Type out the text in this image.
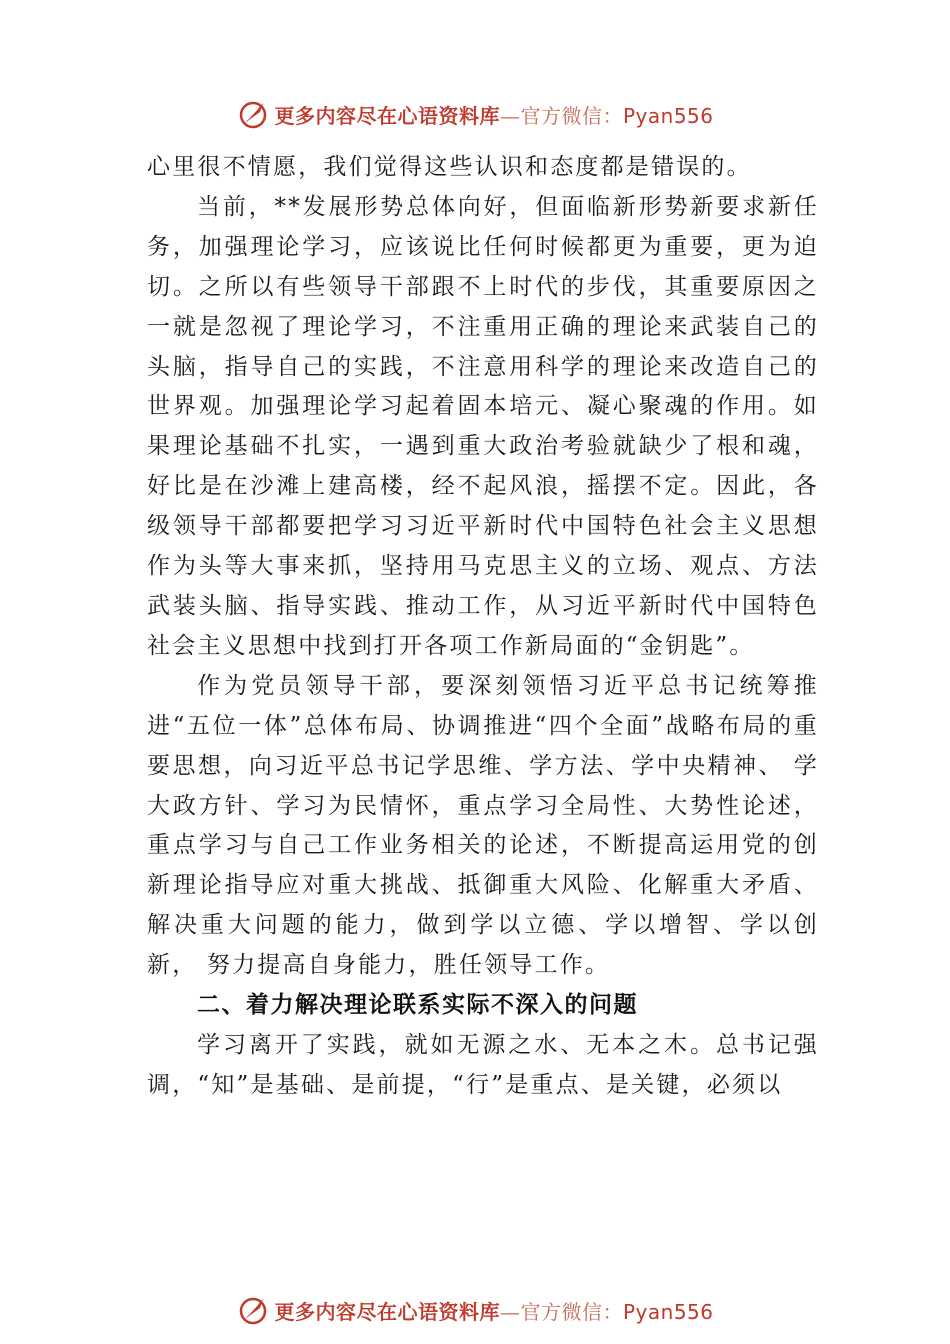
更多内容尽在心语资料库—官方微信：Pyan556

心里很不情愿，我们觉得这些认识和态度都是错误的。

当前，**发展形势总体向好，但面临新形势新要求新任务，加强理论学习，应该说比任何时候都更为重要，更为迫切。之所以有些领导干部跟不上时代的步伐，其重要原因之一就是忽视了理论学习，不注重用正确的理论来武装自己的头脑，指导自己的实践，不注意用科学的理论来改造自己的世界观。加强理论学习起着固本培元、凝心聚魂的作用。如果理论基础不扎实，一遇到重大政治考验就缺少了根和魂， 好比是在沙滩上建高楼，经不起风浪，摇摆不定。因此，各级领导干部都要把学习习近平新时代中国特色社会主义思想作为头等大事来抓，坚持用马克思主义的立场、观点、方法武装头脑、指导实践、推动工作，从习近平新时代中国特色社会主义思想中找到打开各项工作新局面的“金钥匙”。

作为党员领导干部，要深刻领悟习近平总书记统筹推进“五位一体”总体布局、协调推进“四个全面”战略布局的重要思想，向习近平总书记学思维、学方法、学中央精神、 学大政方针、学习为民情怀，重点学习全局性、大势性论述， 重点学习与自己工作业务相关的论述，不断提高运用党的创新理论指导应对重大挑战、抵御重大风险、化解重大矛盾、 解决重大问题的能力，做到学以立德、学以增智、学以创新， 努力提高自身能力，胜任领导工作。

二、着力解决理论联系实际不深入的问题

学习离开了实践，就如无源之水、无本之木。总书记强调，“知”是基础、是前提，“行”是重点、是关键，必须以

更多内容尽在心语资料库—官方微信：Pyan556
